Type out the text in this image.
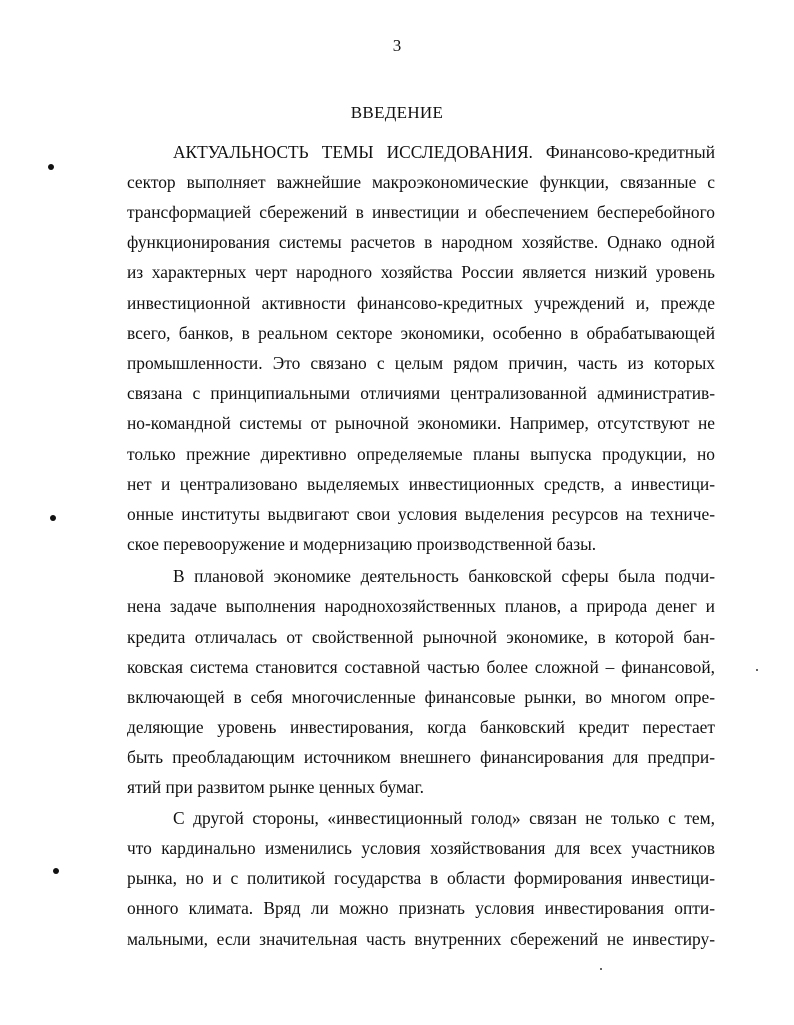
3
ВВЕДЕНИЕ
АКТУАЛЬНОСТЬ ТЕМЫ ИССЛЕДОВАНИЯ. Финансово-кредитный
сектор выполняет важнейшие макроэкономические функции, связанные с
трансформацией сбережений в инвестиции и обеспечением бесперебойного
функционирования системы расчетов в народном хозяйстве. Однако одной
из характерных черт народного хозяйства России является низкий уровень
инвестиционной активности финансово-кредитных учреждений и, прежде
всего, банков, в реальном секторе экономики, особенно в обрабатывающей
промышленности. Это связано с целым рядом причин, часть из которых
связана с принципиальными отличиями централизованной административ-
но-командной системы от рыночной экономики. Например, отсутствуют не
только прежние директивно определяемые планы выпуска продукции, но
нет и централизовано выделяемых инвестиционных средств, а инвестици-
онные институты выдвигают свои условия выделения ресурсов на техниче-
ское перевооружение и модернизацию производственной базы.
В плановой экономике деятельность банковской сферы была подчи-
нена задаче выполнения народнохозяйственных планов, а природа денег и
кредита отличалась от свойственной рыночной экономике, в которой бан-
ковская система становится составной частью более сложной – финансовой,
включающей в себя многочисленные финансовые рынки, во многом опре-
деляющие уровень инвестирования, когда банковский кредит перестает
быть преобладающим источником внешнего финансирования для предпри-
ятий при развитом рынке ценных бумаг.
С другой стороны, «инвестиционный голод» связан не только с тем,
что кардинально изменились условия хозяйствования для всех участников
рынка, но и с политикой государства в области формирования инвестици-
онного климата. Вряд ли можно признать условия инвестирования опти-
мальными, если значительная часть внутренних сбережений не инвестиру-
